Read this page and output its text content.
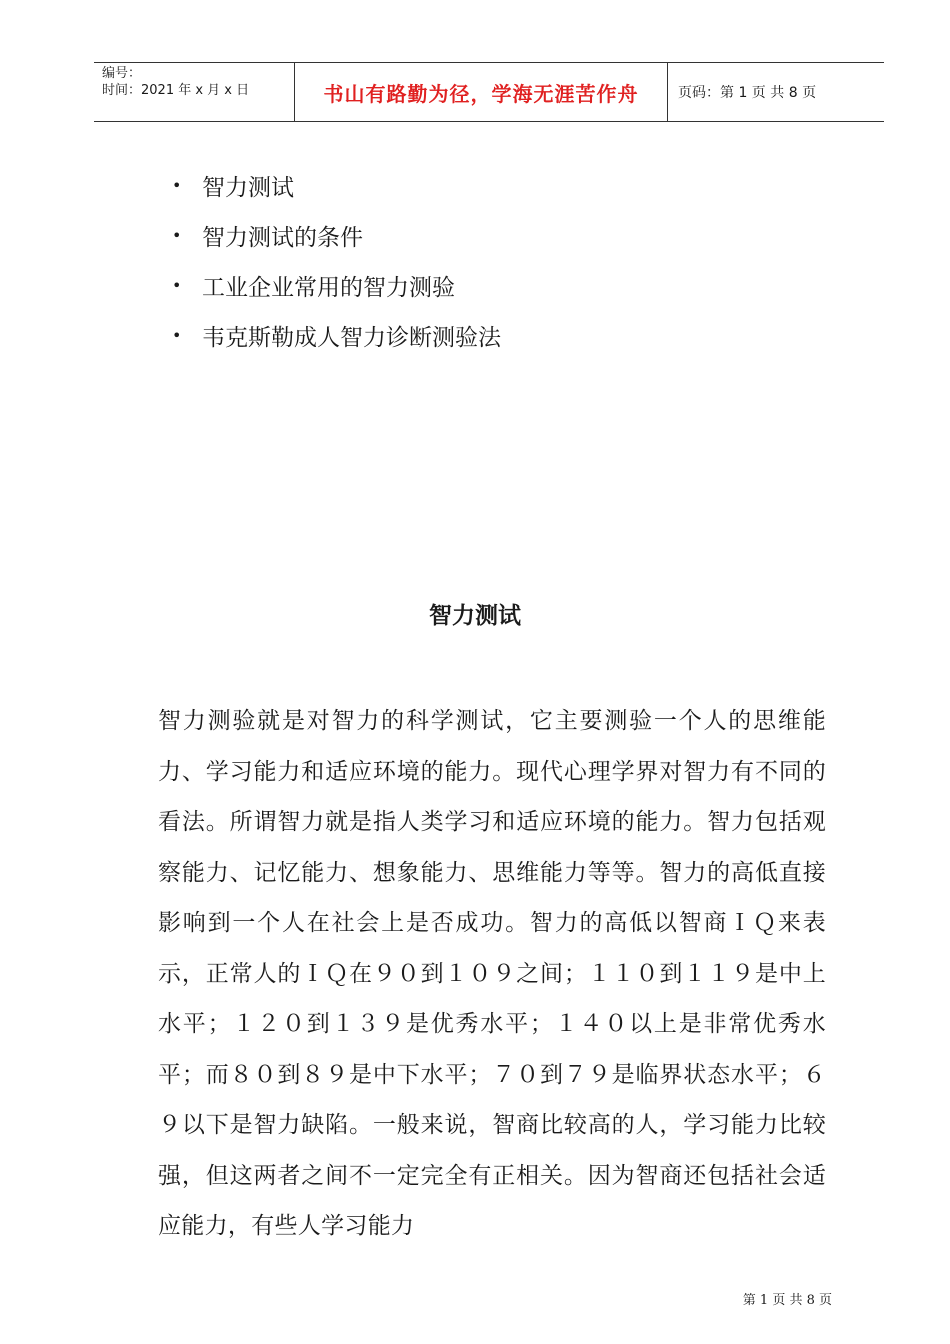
编号：
时间：2021 年 x 月 x 日	书山有路勤为径，学海无涯苦作舟	页码：第 1 页 共 8 页
• 智力测试
• 智力测试的条件
• 工业企业常用的智力测验
• 韦克斯勒成人智力诊断测验法
智力测试
智力测验就是对智力的科学测试，它主要测验一个人的思维能力、学习能力和适应环境的能力。现代心理学界对智力有不同的看法。所谓智力就是指人类学习和适应环境的能力。智力包括观察能力、记忆能力、想象能力、思维能力等等。智力的高低直接影响到一个人在社会上是否成功。智力的高低以智商ＩＱ来表示，正常人的ＩＱ在９０到１０９之间；１１０到１１９是中上水平；１２０到１３９是优秀水平；１４０以上是非常优秀水平；而８０到８９是中下水平；７０到７９是临界状态水平；６９以下是智力缺陷。一般来说，智商比较高的人，学习能力比较强，但这两者之间不一定完全有正相关。因为智商还包括社会适应能力，有些人学习能力
第 1 页 共 8 页
